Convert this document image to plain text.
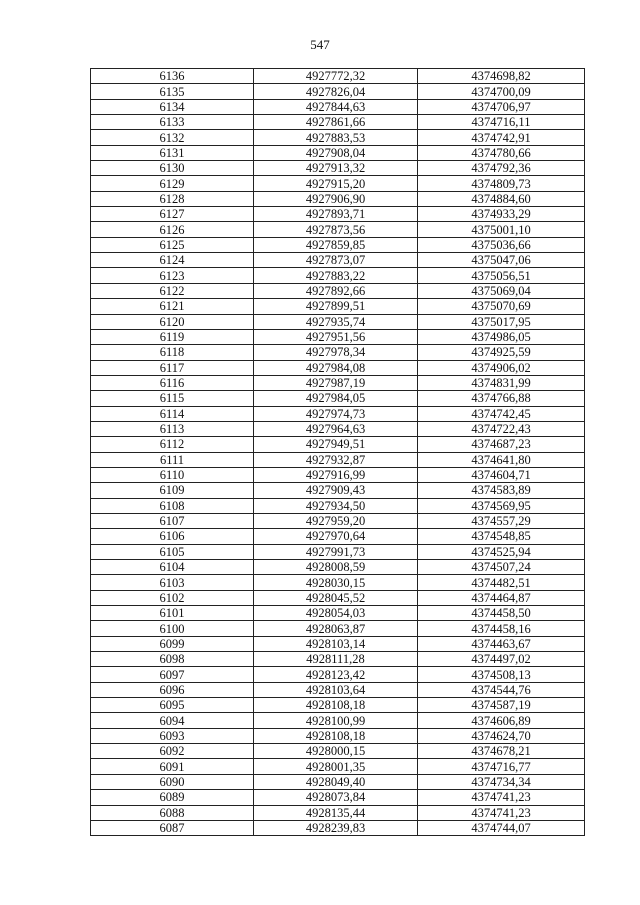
547
6136	4927772,32	4374698,82
6135	4927826,04	4374700,09
6134	4927844,63	4374706,97
6133	4927861,66	4374716,11
6132	4927883,53	4374742,91
6131	4927908,04	4374780,66
6130	4927913,32	4374792,36
6129	4927915,20	4374809,73
6128	4927906,90	4374884,60
6127	4927893,71	4374933,29
6126	4927873,56	4375001,10
6125	4927859,85	4375036,66
6124	4927873,07	4375047,06
6123	4927883,22	4375056,51
6122	4927892,66	4375069,04
6121	4927899,51	4375070,69
6120	4927935,74	4375017,95
6119	4927951,56	4374986,05
6118	4927978,34	4374925,59
6117	4927984,08	4374906,02
6116	4927987,19	4374831,99
6115	4927984,05	4374766,88
6114	4927974,73	4374742,45
6113	4927964,63	4374722,43
6112	4927949,51	4374687,23
6111	4927932,87	4374641,80
6110	4927916,99	4374604,71
6109	4927909,43	4374583,89
6108	4927934,50	4374569,95
6107	4927959,20	4374557,29
6106	4927970,64	4374548,85
6105	4927991,73	4374525,94
6104	4928008,59	4374507,24
6103	4928030,15	4374482,51
6102	4928045,52	4374464,87
6101	4928054,03	4374458,50
6100	4928063,87	4374458,16
6099	4928103,14	4374463,67
6098	4928111,28	4374497,02
6097	4928123,42	4374508,13
6096	4928103,64	4374544,76
6095	4928108,18	4374587,19
6094	4928100,99	4374606,89
6093	4928108,18	4374624,70
6092	4928000,15	4374678,21
6091	4928001,35	4374716,77
6090	4928049,40	4374734,34
6089	4928073,84	4374741,23
6088	4928135,44	4374741,23
6087	4928239,83	4374744,07
